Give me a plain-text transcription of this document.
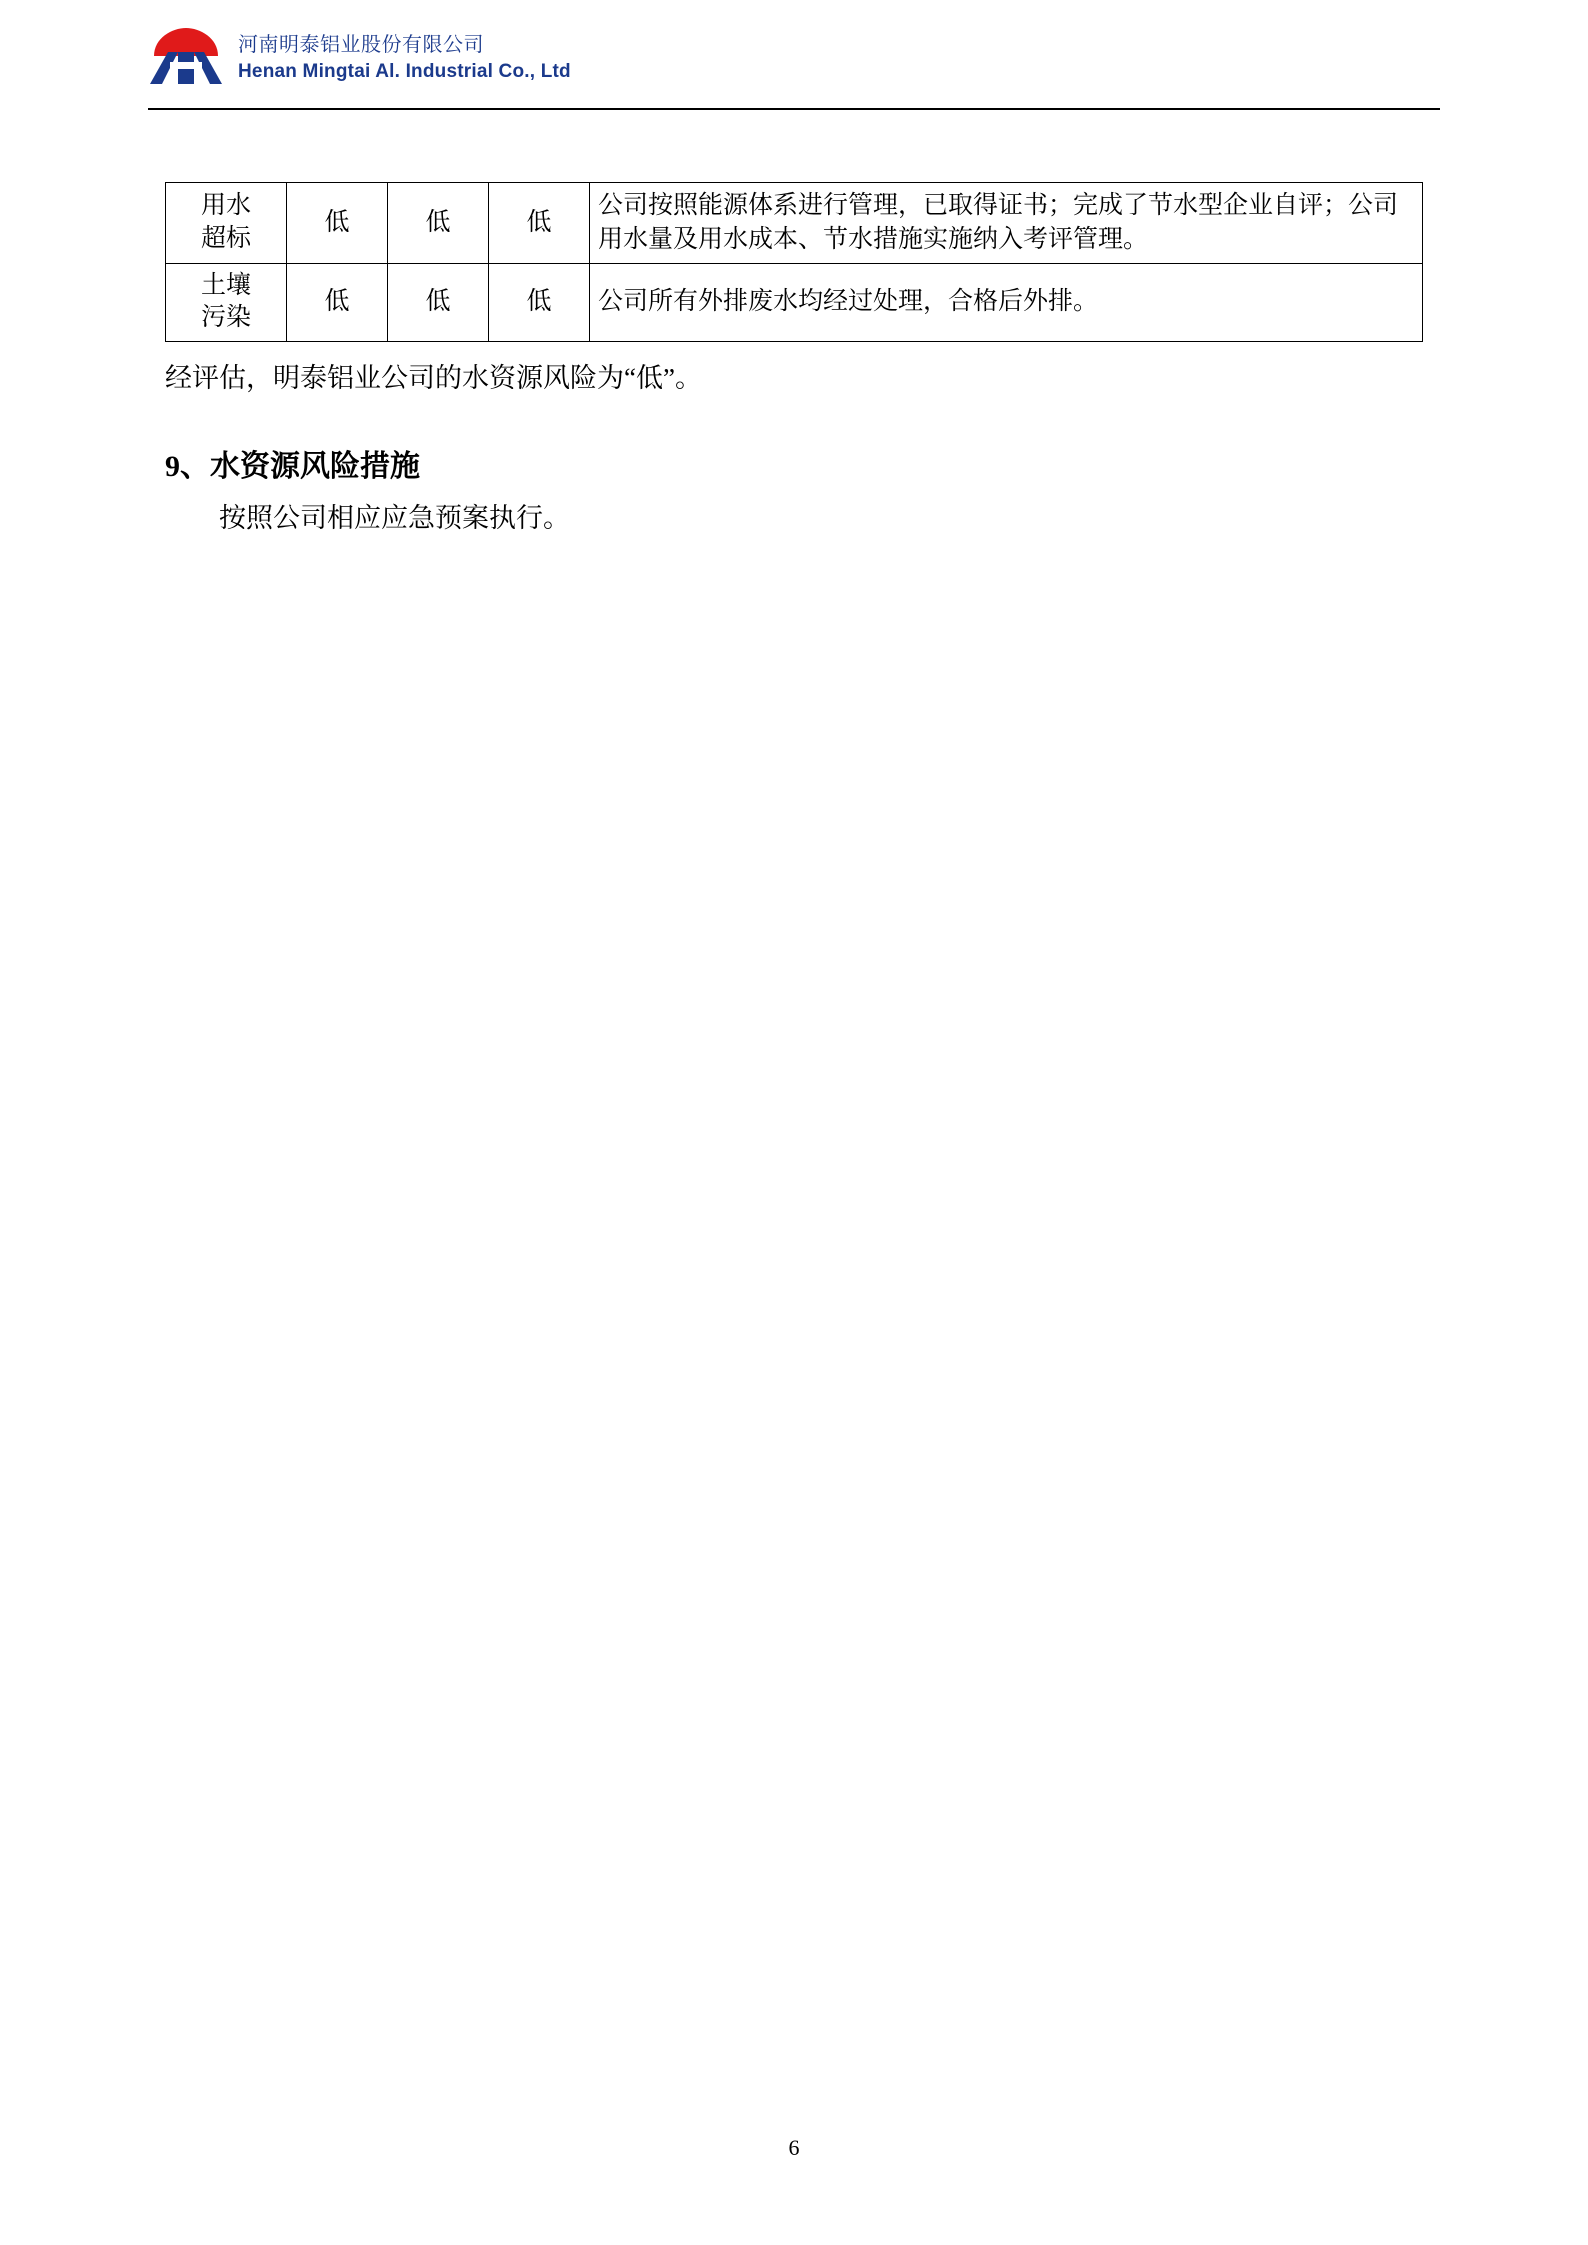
河南明泰铝业股份有限公司
Henan Mingtai Al. Industrial Co., Ltd
用水
超标	低	低	低	公司按照能源体系进行管理，已取得证书；完成了节水型企业自评；公司用水量及用水成本、节水措施实施纳入考评管理。

土壤
污染	低	低	低	公司所有外排废水均经过处理，合格后外排。

经评估，明泰铝业公司的水资源风险为“低”。

9、水资源风险措施

按照公司相应应急预案执行。

6
